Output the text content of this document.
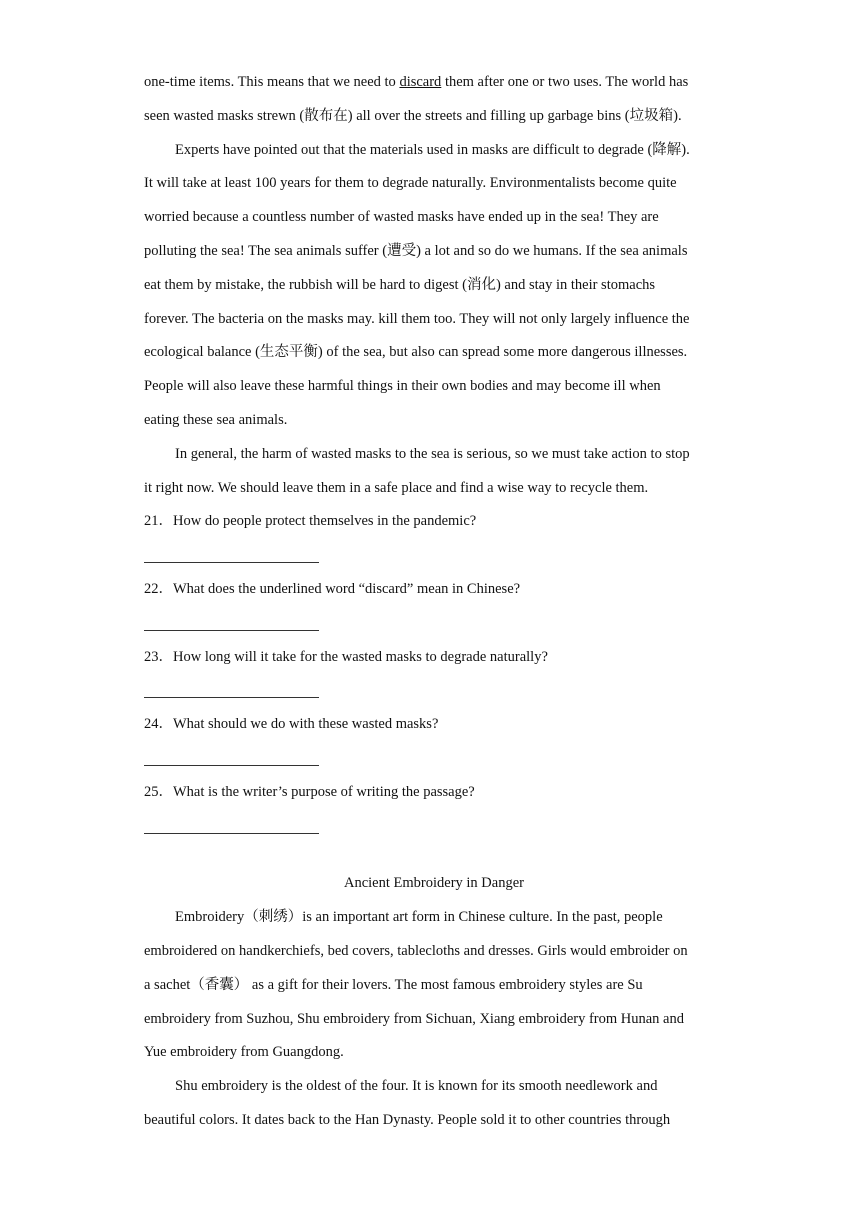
one-time items. This means that we need to discard them after one or two uses. The world has
seen wasted masks strewn (散布在) all over the streets and filling up garbage bins (垃圾箱).
Experts have pointed out that the materials used in masks are difficult to degrade (降解).
It will take at least 100 years for them to degrade naturally. Environmentalists become quite
worried because a countless number of wasted masks have ended up in the sea! They are
polluting the sea! The sea animals suffer (遭受) a lot and so do we humans. If the sea animals
eat them by mistake, the rubbish will be hard to digest (消化) and stay in their stomachs
forever. The bacteria on the masks may. kill them too. They will not only largely influence the
ecological balance (生态平衡) of the sea, but also can spread some more dangerous illnesses.
People will also leave these harmful things in their own bodies and may become ill when
eating these sea animals.
In general, the harm of wasted masks to the sea is serious, so we must take action to stop
it right now. We should leave them in a safe place and find a wise way to recycle them.
21．How do people protect themselves in the pandemic?
22．What does the underlined word “discard” mean in Chinese?
23．How long will it take for the wasted masks to degrade naturally?
24．What should we do with these wasted masks?
25．What is the writer’s purpose of writing the passage?
Ancient Embroidery in Danger
Embroidery（刺绣）is an important art form in Chinese culture. In the past, people
embroidered on handkerchiefs, bed covers, tablecloths and dresses. Girls would embroider on
a sachet（香囊） as a gift for their lovers. The most famous embroidery styles are Su
embroidery from Suzhou, Shu embroidery from Sichuan, Xiang embroidery from Hunan and
Yue embroidery from Guangdong.
Shu embroidery is the oldest of the four. It is known for its smooth needlework and
beautiful colors. It dates back to the Han Dynasty. People sold it to other countries through
